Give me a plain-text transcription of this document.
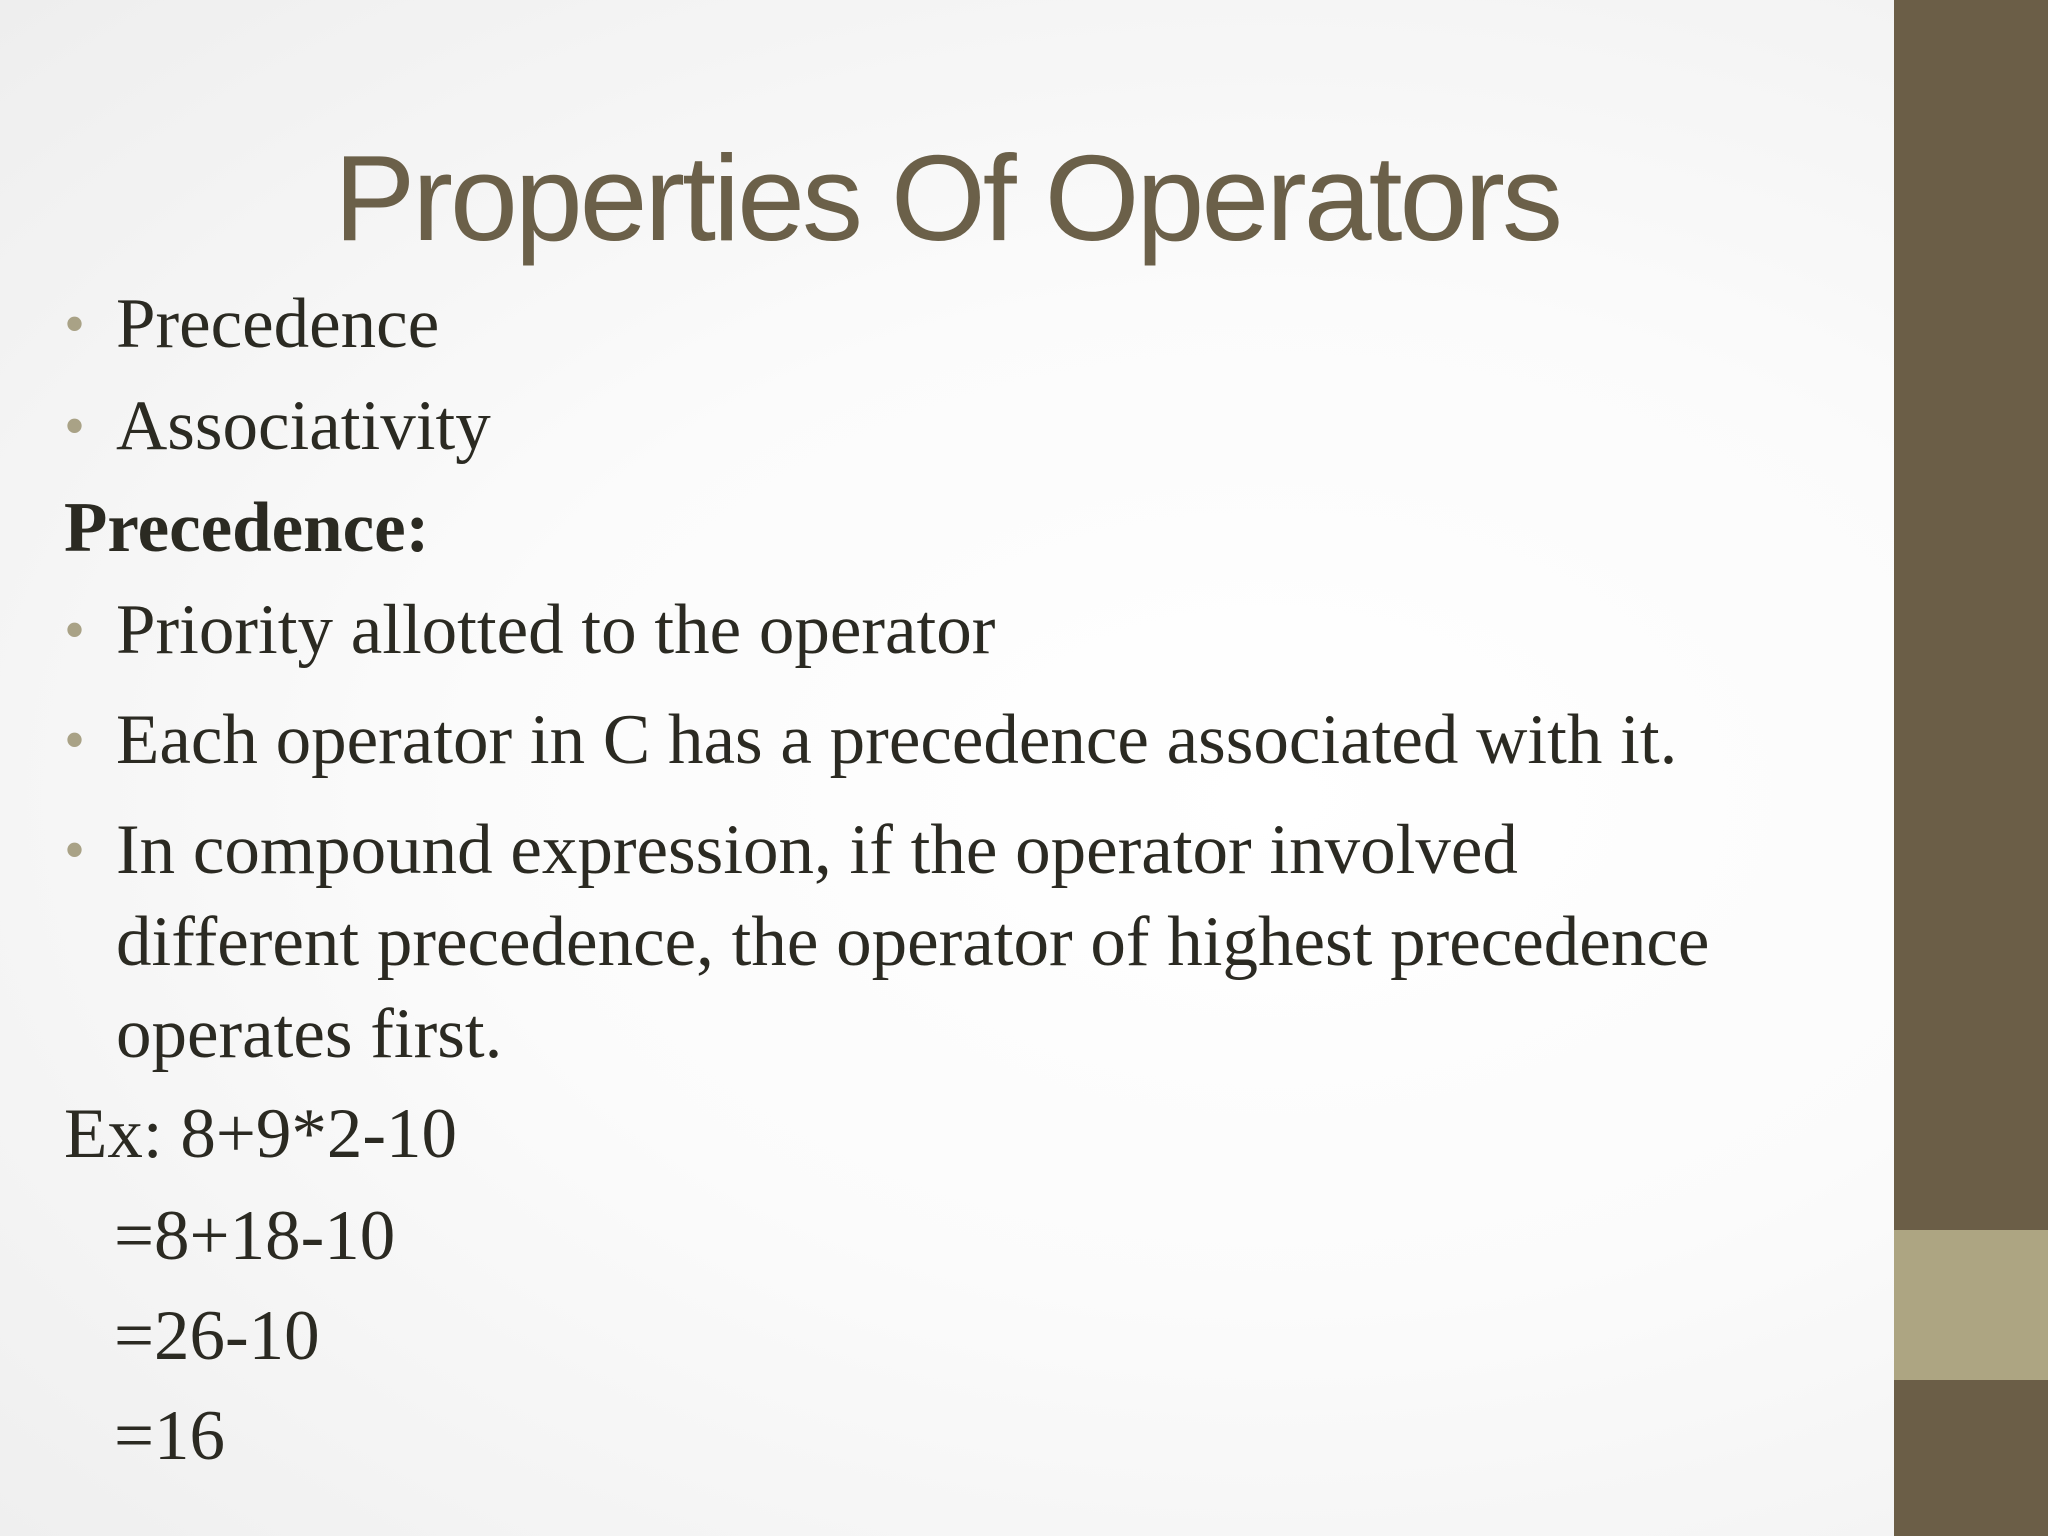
Properties Of Operators
• Precedence
• Associativity
Precedence:
• Priority allotted to the operator
• Each operator in C has a precedence associated with it.
• In compound expression, if the operator involved
different precedence, the operator of highest precedence
operates first.
Ex: 8+9*2-10
=8+18-10
=26-10
=16
